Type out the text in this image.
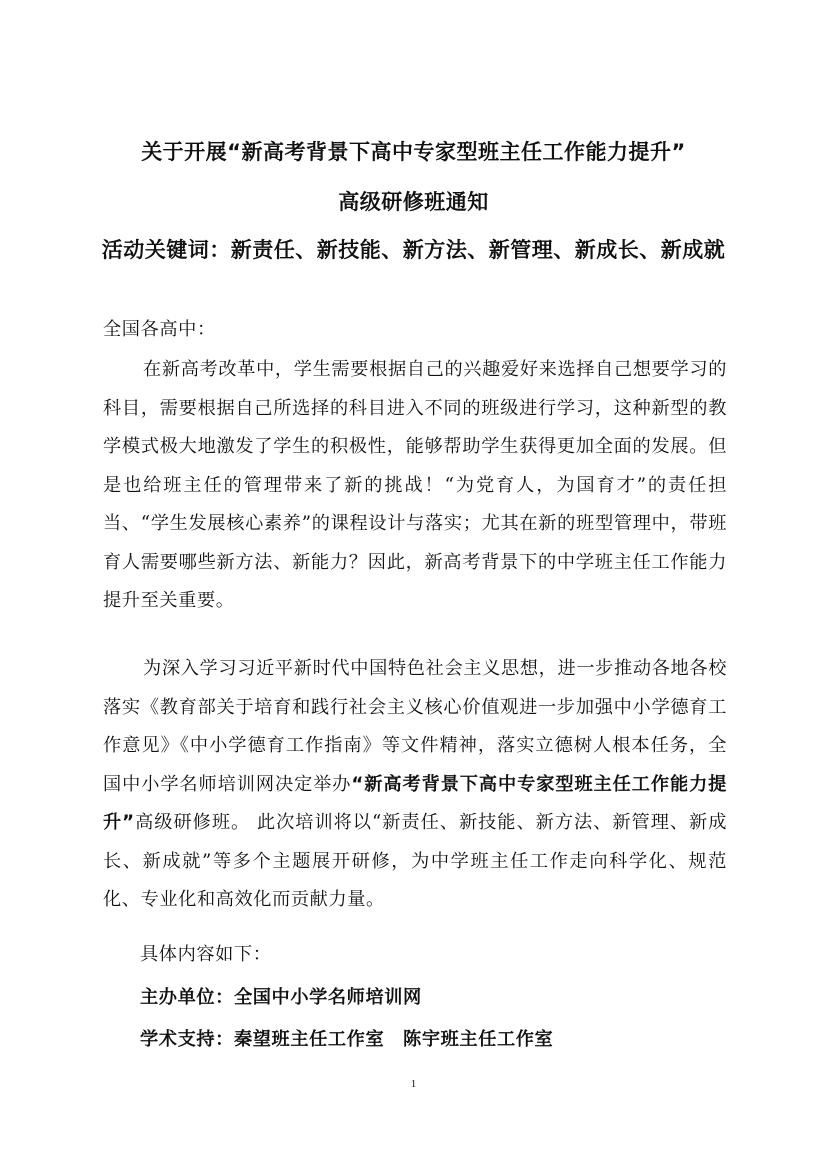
关于开展“新高考背景下高中专家型班主任工作能力提升”
高级研修班通知
活动关键词：新责任、新技能、新方法、新管理、新成长、新成就
全国各高中：
在新高考改革中，学生需要根据自己的兴趣爱好来选择自己想要学习的科目，需要根据自己所选择的科目进入不同的班级进行学习，这种新型的教学模式极大地激发了学生的积极性，能够帮助学生获得更加全面的发展。但是也给班主任的管理带来了新的挑战！“为党育人，为国育才”的责任担当、“学生发展核心素养”的课程设计与落实；尤其在新的班型管理中，带班育人需要哪些新方法、新能力？因此，新高考背景下的中学班主任工作能力提升至关重要。
为深入学习习近平新时代中国特色社会主义思想，进一步推动各地各校落实《教育部关于培育和践行社会主义核心价值观进一步加强中小学德育工作意见》《中小学德育工作指南》等文件精神，落实立德树人根本任务，全国中小学名师培训网决定举办“新高考背景下高中专家型班主任工作能力提升”高级研修班。 此次培训将以“新责任、新技能、新方法、新管理、新成长、新成就”等多个主题展开研修，为中学班主任工作走向科学化、规范化、专业化和高效化而贡献力量。
具体内容如下：
主办单位：全国中小学名师培训网
学术支持：秦望班主任工作室　陈宇班主任工作室
1
